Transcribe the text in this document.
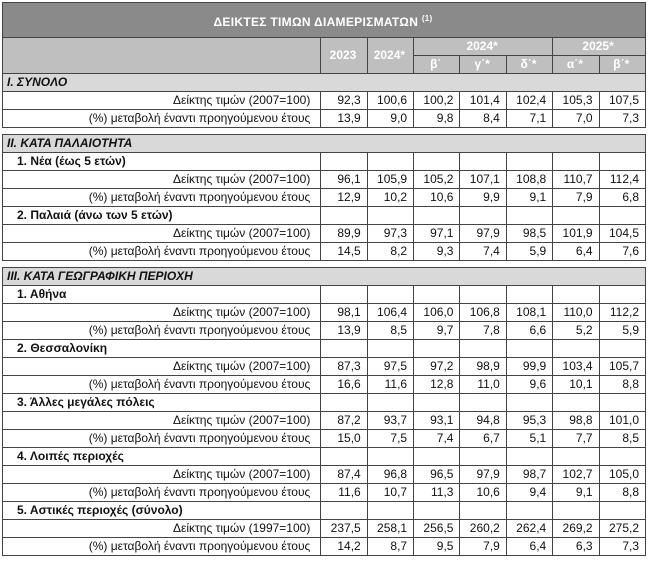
ΔΕΙΚΤΕΣ ΤΙΜΩΝ ΔΙΑΜΕΡΙΣΜΑΤΩΝ $^{(1)}$
	2023	2024*	2024*			2025*	
			β΄	γ΄*	δ΄*	α΄*	β΄*
Ι. ΣΥΝΟΛΟ							
Δείκτης τιμών (2007=100)	92,3	100,6	100,2	101,4	102,4	105,3	107,5
(%) μεταβολή έναντι προηγούμενου έτους	13,9	9,0	9,8	8,4	7,1	7,0	7,3

ΙΙ. ΚΑΤΑ ΠΑΛΑΙΟΤΗΤΑ							
1. Νέα (έως 5 ετών)							
Δείκτης τιμών (2007=100)	96,1	105,9	105,2	107,1	108,8	110,7	112,4
(%) μεταβολή έναντι προηγούμενου έτους	12,9	10,2	10,6	9,9	9,1	7,9	6,8
2. Παλαιά (άνω των 5 ετών)							
Δείκτης τιμών (2007=100)	89,9	97,3	97,1	97,9	98,5	101,9	104,5
(%) μεταβολή έναντι προηγούμενου έτους	14,5	8,2	9,3	7,4	5,9	6,4	7,6

ΙΙΙ. ΚΑΤΑ ΓΕΩΓΡΑΦΙΚΗ ΠΕΡΙΟΧΗ							
1. Αθήνα							
Δείκτης τιμών (2007=100)	98,1	106,4	106,0	106,8	108,1	110,0	112,2
(%) μεταβολή έναντι προηγούμενου έτους	13,9	8,5	9,7	7,8	6,6	5,2	5,9
2. Θεσσαλονίκη							
Δείκτης τιμών (2007=100)	87,3	97,5	97,2	98,9	99,9	103,4	105,7
(%) μεταβολή έναντι προηγούμενου έτους	16,6	11,6	12,8	11,0	9,6	10,1	8,8
3. Άλλες μεγάλες πόλεις							
Δείκτης τιμών (2007=100)	87,2	93,7	93,1	94,8	95,3	98,8	101,0
(%) μεταβολή έναντι προηγούμενου έτους	15,0	7,5	7,4	6,7	5,1	7,7	8,5
4. Λοιπές περιοχές							
Δείκτης τιμών (2007=100)	87,4	96,8	96,5	97,9	98,7	102,7	105,0
(%) μεταβολή έναντι προηγούμενου έτους	11,6	10,7	11,3	10,6	9,4	9,1	8,8
5. Αστικές περιοχές (σύνολο)							
Δείκτης τιμών (1997=100)	237,5	258,1	256,5	260,2	262,4	269,2	275,2
(%) μεταβολή έναντι προηγούμενου έτους	14,2	8,7	9,5	7,9	6,4	6,3	7,3
